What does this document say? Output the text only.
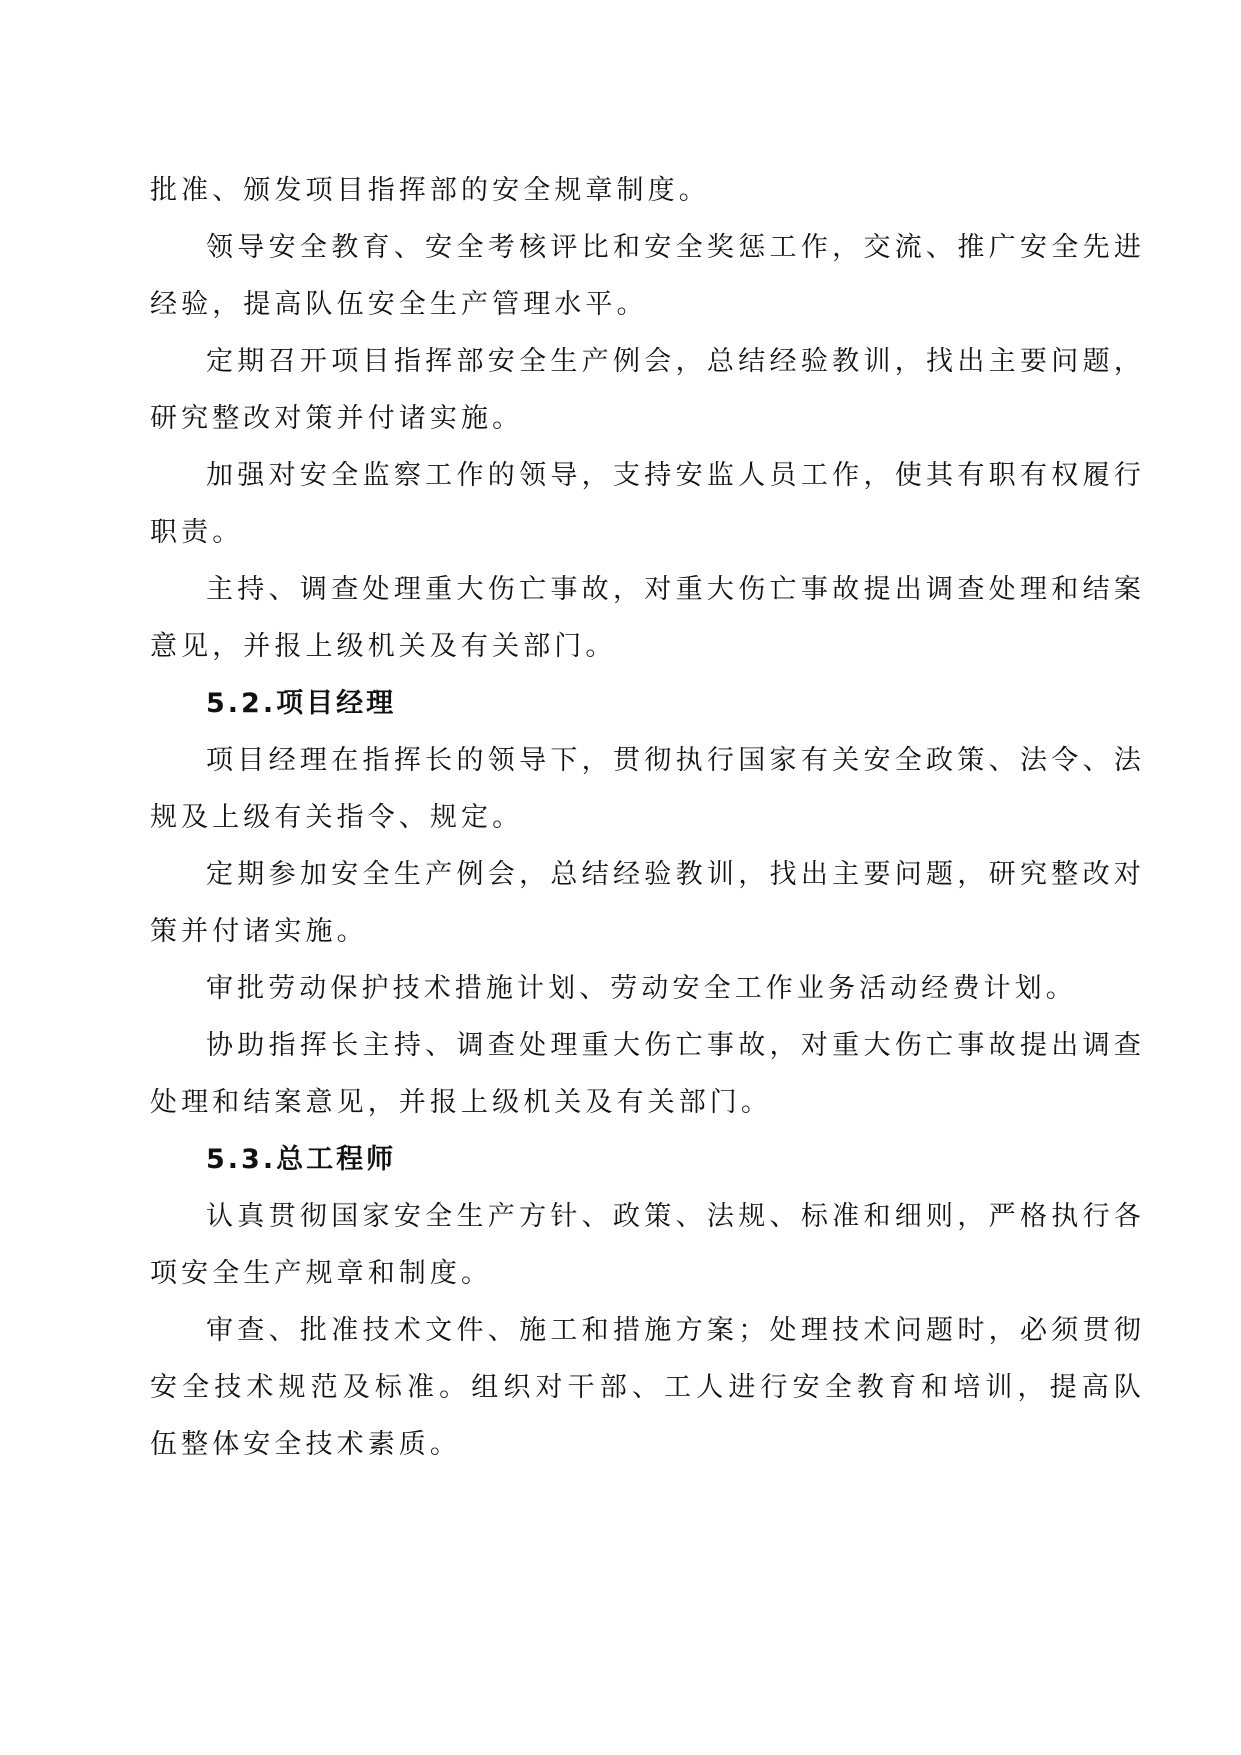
批准、颁发项目指挥部的安全规章制度。

领导安全教育、安全考核评比和安全奖惩工作，交流、推广安全先进经验，提高队伍安全生产管理水平。

定期召开项目指挥部安全生产例会，总结经验教训，找出主要问题，研究整改对策并付诸实施。

加强对安全监察工作的领导，支持安监人员工作，使其有职有权履行职责。

主持、调查处理重大伤亡事故，对重大伤亡事故提出调查处理和结案意见，并报上级机关及有关部门。

5.2.项目经理

项目经理在指挥长的领导下，贯彻执行国家有关安全政策、法令、法规及上级有关指令、规定。

定期参加安全生产例会，总结经验教训，找出主要问题，研究整改对策并付诸实施。

审批劳动保护技术措施计划、劳动安全工作业务活动经费计划。

协助指挥长主持、调查处理重大伤亡事故，对重大伤亡事故提出调查处理和结案意见，并报上级机关及有关部门。

5.3.总工程师

认真贯彻国家安全生产方针、政策、法规、标准和细则，严格执行各项安全生产规章和制度。

审查、批准技术文件、施工和措施方案；处理技术问题时，必须贯彻安全技术规范及标准。组织对干部、工人进行安全教育和培训，提高队伍整体安全技术素质。
